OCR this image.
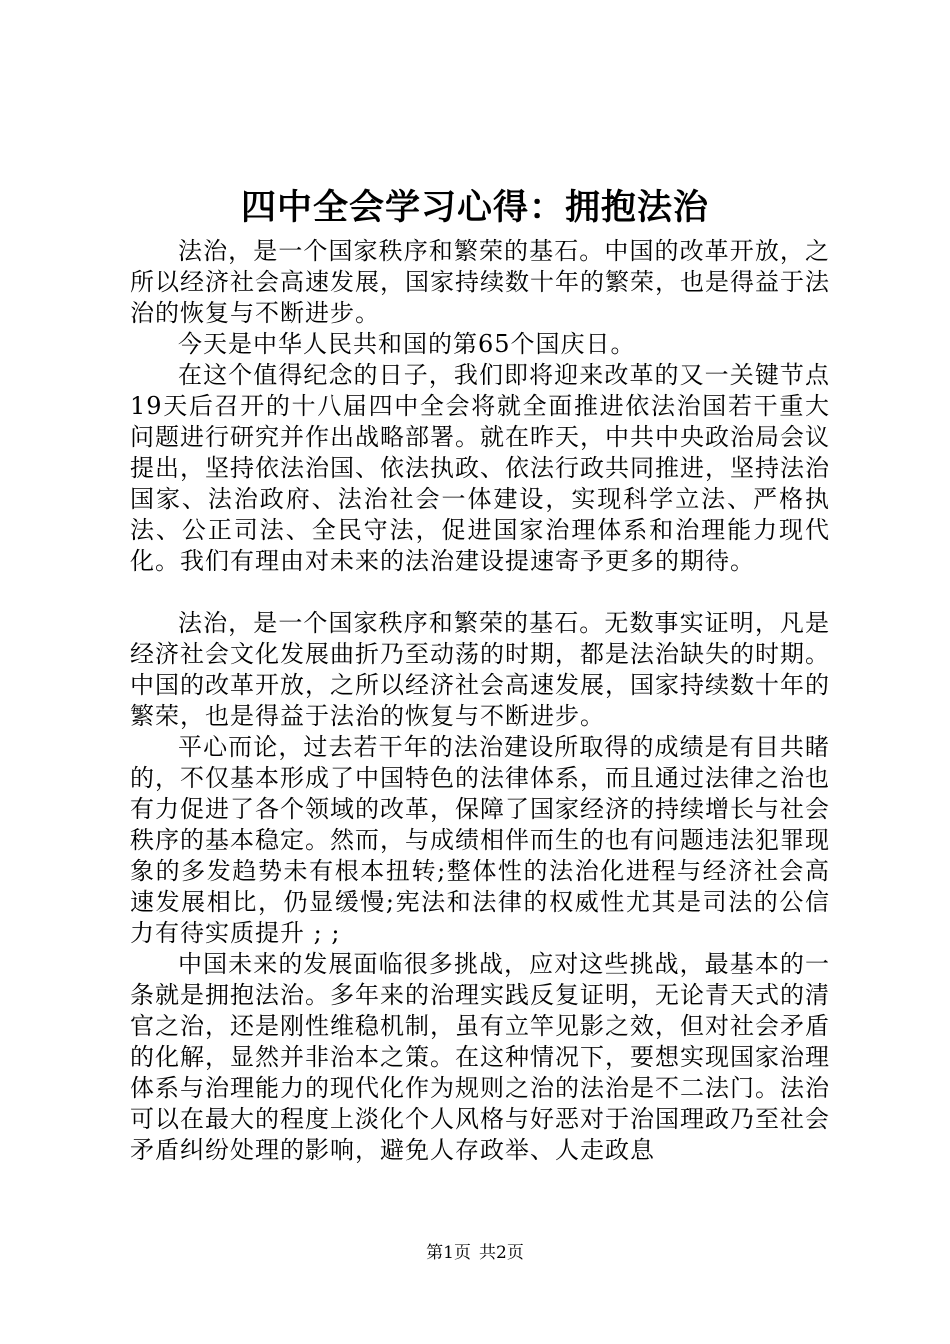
四中全会学习心得：拥抱法治

法治，是一个国家秩序和繁荣的基石。中国的改革开放，之所以经济社会高速发展，国家持续数十年的繁荣，也是得益于法治的恢复与不断进步。

今天是中华人民共和国的第65个国庆日。

在这个值得纪念的日子，我们即将迎来改革的又一关键节点19天后召开的十八届四中全会将就全面推进依法治国若干重大问题进行研究并作出战略部署。就在昨天，中共中央政治局会议提出，坚持依法治国、依法执政、依法行政共同推进，坚持法治国家、法治政府、法治社会一体建设，实现科学立法、严格执法、公正司法、全民守法，促进国家治理体系和治理能力现代化。我们有理由对未来的法治建设提速寄予更多的期待。

法治，是一个国家秩序和繁荣的基石。无数事实证明，凡是经济社会文化发展曲折乃至动荡的时期，都是法治缺失的时期。中国的改革开放，之所以经济社会高速发展，国家持续数十年的繁荣，也是得益于法治的恢复与不断进步。

平心而论，过去若干年的法治建设所取得的成绩是有目共睹的，不仅基本形成了中国特色的法律体系，而且通过法律之治也有力促进了各个领域的改革，保障了国家经济的持续增长与社会秩序的基本稳定。然而，与成绩相伴而生的也有问题违法犯罪现象的多发趋势未有根本扭转;整体性的法治化进程与经济社会高速发展相比，仍显缓慢;宪法和法律的权威性尤其是司法的公信力有待实质提升 ; ;

中国未来的发展面临很多挑战，应对这些挑战，最基本的一条就是拥抱法治。多年来的治理实践反复证明，无论青天式的清官之治，还是刚性维稳机制，虽有立竿见影之效，但对社会矛盾的化解，显然并非治本之策。在这种情况下，要想实现国家治理体系与治理能力的现代化作为规则之治的法治是不二法门。法治可以在最大的程度上淡化个人风格与好恶对于治国理政乃至社会矛盾纠纷处理的影响，避免人存政举、人走政息

第1页 共2页
